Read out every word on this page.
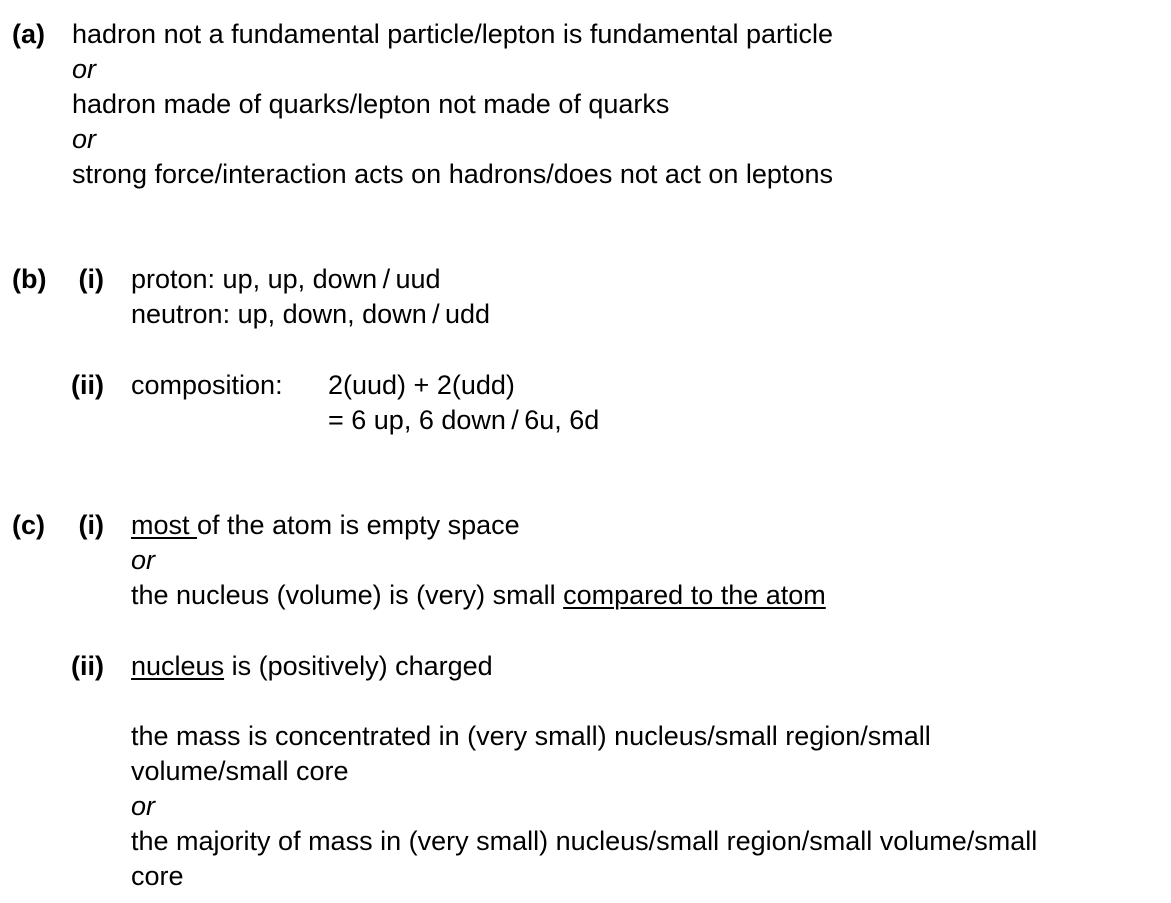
(a) hadron not a fundamental particle/lepton is fundamental particle
or
hadron made of quarks/lepton not made of quarks
or
strong force/interaction acts on hadrons/does not act on leptons
(b)	(i) proton: up, up, down / uud
neutron: up, down, down / udd
(ii) composition: 2(uud) + 2(udd)
= 6 up, 6 down / 6u, 6d
(c)	(i) most of the atom is empty space
or
the nucleus (volume) is (very) small compared to the atom
(ii) nucleus is (positively) charged
the mass is concentrated in (very small) nucleus/small region/small
volume/small core
or
the majority of mass in (very small) nucleus/small region/small volume/small
core
